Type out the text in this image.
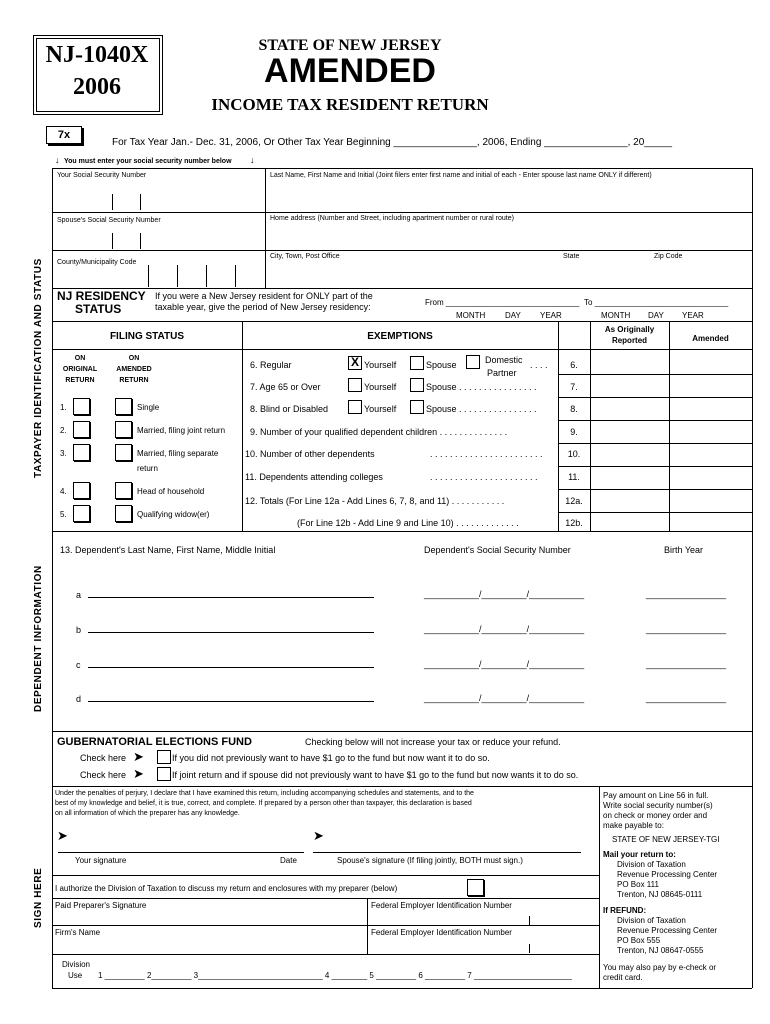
NJ-1040X
2006
STATE OF NEW JERSEY
AMENDED
INCOME TAX RESIDENT RETURN
7x
For Tax Year Jan.- Dec. 31, 2006, Or Other Tax Year Beginning _______________, 2006, Ending _______________, 20_____
↓ You must enter your social security number below ↓
Your Social Security Number	Last Name, First Name and Initial (Joint filers enter first name and initial of each - Enter spouse last name ONLY if different)
Spouse's Social Security Number	Home address (Number and Street, including apartment number or rural route)
County/Municipality Code
City, Town, Post Office	State	Zip Code
NJ RESIDENCY
STATUS
If you were a New Jersey resident for ONLY part of the
taxable year, give the period of New Jersey residency:	From ______________________________ To ______________________________
MONTH DAY YEAR	MONTH DAY YEAR
FILING STATUS	EXEMPTIONS
As Originally
Reported	Amended
ON
ORIGINAL
RETURN
ON
AMENDED
RETURN
1.	Single
2.	Married, filing joint return
3.	Married, filing separate
return
4.	Head of household
5.	Qualifying widow(er)
6. Regular	X Yourself	Spouse	Domestic
Partner
. . . .	6.
7. Age 65 or Over	Yourself	Spouse . . . . . . . . . . . . . . . .	7.
8. Blind or Disabled	Yourself	Spouse . . . . . . . . . . . . . . . .	8.
9. Number of your qualified dependent children . . . . . . . . . . . . . .	9.
10. Number of other dependents	. . . . . . . . . . . . . . . . . . . . . . .	10.
11. Dependents attending colleges	. . . . . . . . . . . . . . . . . . . . . .	11.
12. Totals (For Line 12a - Add Lines 6, 7, 8, and 11) . . . . . . . . . . .	12a.
(For Line 12b - Add Line 9 and Line 10) . . . . . . . . . . . . .	12b.
TAXPAYER IDENTIFICATION AND STATUS
13. Dependent's Last Name, First Name, Middle Initial	Dependent's Social Security Number	Birth Year
a	___________/_________/___________	________________
b	___________/_________/___________	________________
c	___________/_________/___________	________________
d	___________/_________/___________	________________
DEPENDENT INFORMATION
GUBERNATORIAL ELECTIONS FUND	Checking below will not increase your tax or reduce your refund.
Check here ➤	If you did not previously want to have $1 go to the fund but now want it to do so.
Check here ➤	If joint return and if spouse did not previously want to have $1 go to the fund but now wants it to do so.
Under the penalties of perjury, I declare that I have examined this return, including accompanying schedules and statements, and to the
best of my knowledge and belief, it is true, correct, and complete. If prepared by a person other than taxpayer, this declaration is based
on all information of which the preparer has any knowledge.
➤	➤
Your signature	Date	Spouse's signature (If filing jointly, BOTH must sign.)
I authorize the Division of Taxation to discuss my return and enclosures with my preparer (below)
Paid Preparer's Signature	Federal Employer Identification Number
Firm's Name	Federal Employer Identification Number
Division
Use 1 _________ 2_________ 3____________________________ 4 ________ 5 _________ 6 _________ 7 ______________________
SIGN HERE
Pay amount on Line 56 in full.
Write social security number(s)
on check or money order and
make payable to:
STATE OF NEW JERSEY-TGI
Mail your return to:
Division of Taxation
Revenue Processing Center
PO Box 111
Trenton, NJ 08645-0111
If REFUND:
Division of Taxation
Revenue Processing Center
PO Box 555
Trenton, NJ 08647-0555
You may also pay by e-check or
credit card.
